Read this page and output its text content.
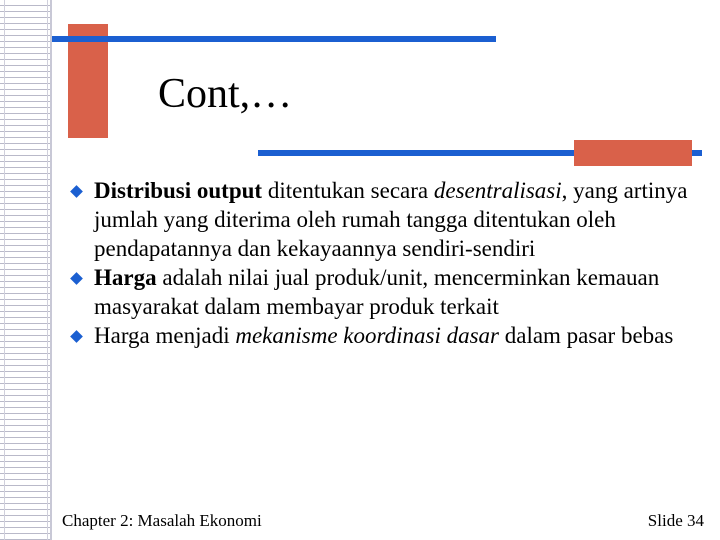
Cont,…
Distribusi output ditentukan secara desentralisasi, yang artinya jumlah yang diterima oleh rumah tangga ditentukan oleh pendapatannya dan kekayaannya sendiri-sendiri
Harga adalah nilai jual produk/unit, mencerminkan kemauan masyarakat dalam membayar produk terkait
Harga menjadi mekanisme koordinasi dasar dalam pasar bebas
Chapter 2: Masalah Ekonomi	Slide 34
